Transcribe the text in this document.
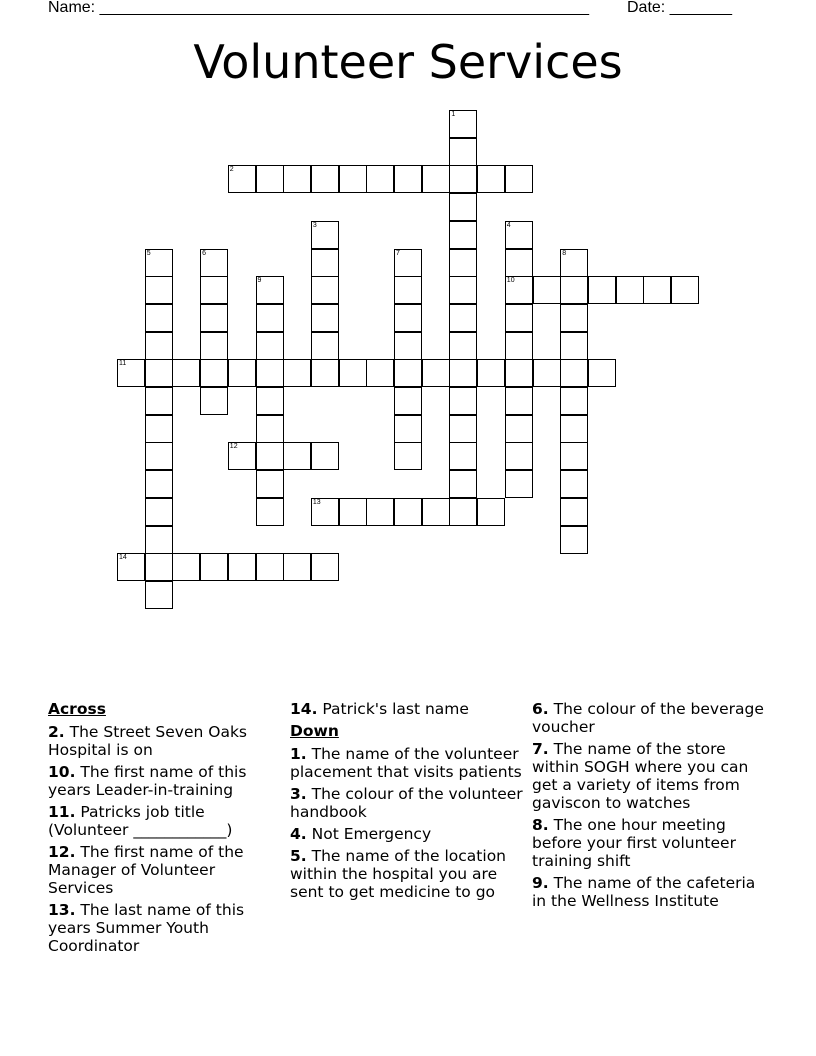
Name: _______________________________________________________ Date: _______
Volunteer Services
1
2
3	4
10
5	6	7	8
9
11
12
13
14
Across
2. The Street Seven Oaks Hospital is on
10. The first name of this years Leader-in-training
11. Patricks job title (Volunteer ____________)
12. The first name of the Manager of Volunteer Services
13. The last name of this years Summer Youth Coordinator
14. Patrick's last name
Down
1. The name of the volunteer placement that visits patients
3. The colour of the volunteer handbook
4. Not Emergency
5. The name of the location within the hospital you are sent to get medicine to go
6. The colour of the beverage voucher
7. The name of the store within SOGH where you can get a variety of items from gaviscon to watches
8. The one hour meeting before your first volunteer training shift
9. The name of the cafeteria in the Wellness Institute
